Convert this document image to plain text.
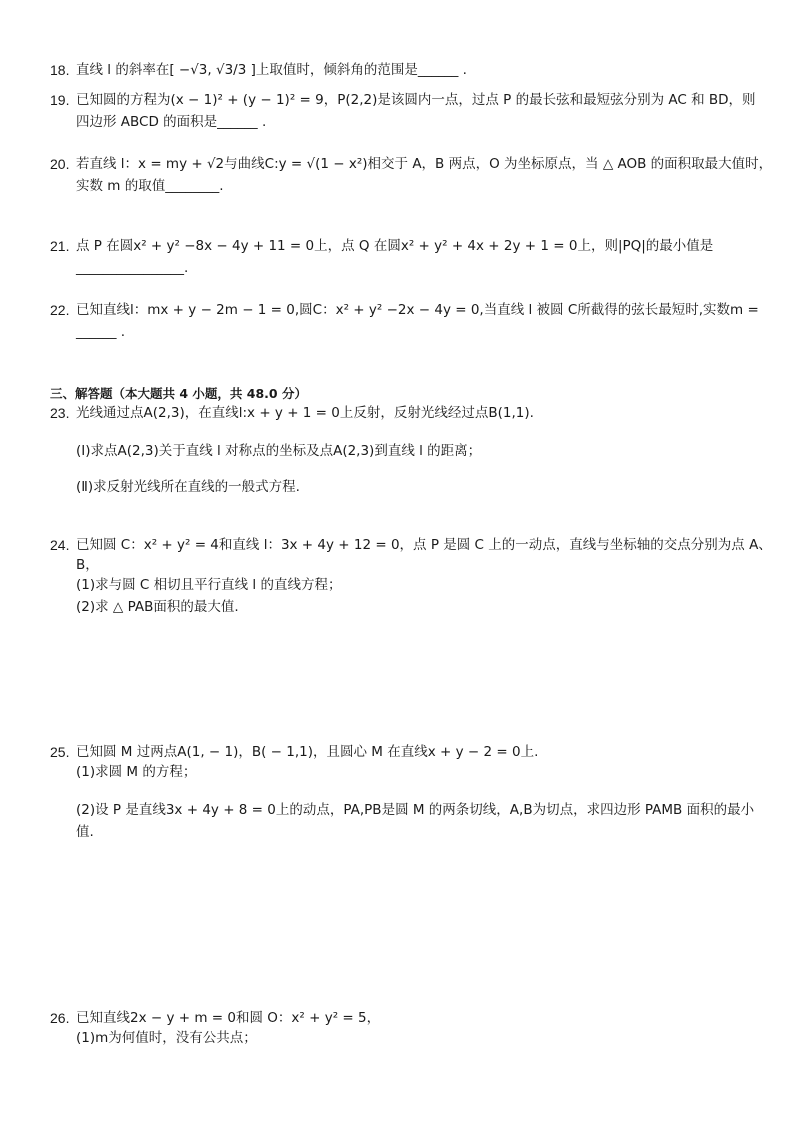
18. 直线 l 的斜率在[ −√3, √3/3 ]上取值时，倾斜角的范围是______ .
19. 已知圆的方程为(x − 1)² + (y − 1)² = 9，P(2,2)是该圆内一点，过点 P 的最长弦和最短弦分别为 AC 和 BD，则
四边形 ABCD 的面积是______ .
20. 若直线 l：x = my + √2与曲线C:y = √(1 − x²)相交于 A，B 两点，O 为坐标原点，当 △ AOB 的面积取最大值时，
实数 m 的取值________.
21. 点 P 在圆x² + y² −8x − 4y + 11 = 0上，点 Q 在圆x² + y² + 4x + 2y + 1 = 0上，则|PQ|的最小值是
________________.
22. 已知直线l：mx + y − 2m − 1 = 0,圆C：x² + y² −2x − 4y = 0,当直线 l 被圆 C所截得的弦长最短时,实数m =
______ .
三、解答题（本大题共 4 小题，共 48.0 分）
23. 光线通过点A(2,3)，在直线l:x + y + 1 = 0上反射，反射光线经过点B(1,1).
(Ⅰ)求点A(2,3)关于直线 l 对称点的坐标及点A(2,3)到直线 l 的距离；
(Ⅱ)求反射光线所在直线的一般式方程.
24. 已知圆 C：x² + y² = 4和直线 l：3x + 4y + 12 = 0，点 P 是圆 C 上的一动点，直线与坐标轴的交点分别为点 A、
B，
(1)求与圆 C 相切且平行直线 l 的直线方程；
(2)求 △ PAB面积的最大值.
25. 已知圆 M 过两点A(1, − 1)，B( − 1,1)，且圆心 M 在直线x + y − 2 = 0上.
(1)求圆 M 的方程；
(2)设 P 是直线3x + 4y + 8 = 0上的动点，PA,PB是圆 M 的两条切线，A,B为切点，求四边形 PAMB 面积的最小
值.
26. 已知直线2x − y + m = 0和圆 O：x² + y² = 5，
(1)m为何值时，没有公共点；
